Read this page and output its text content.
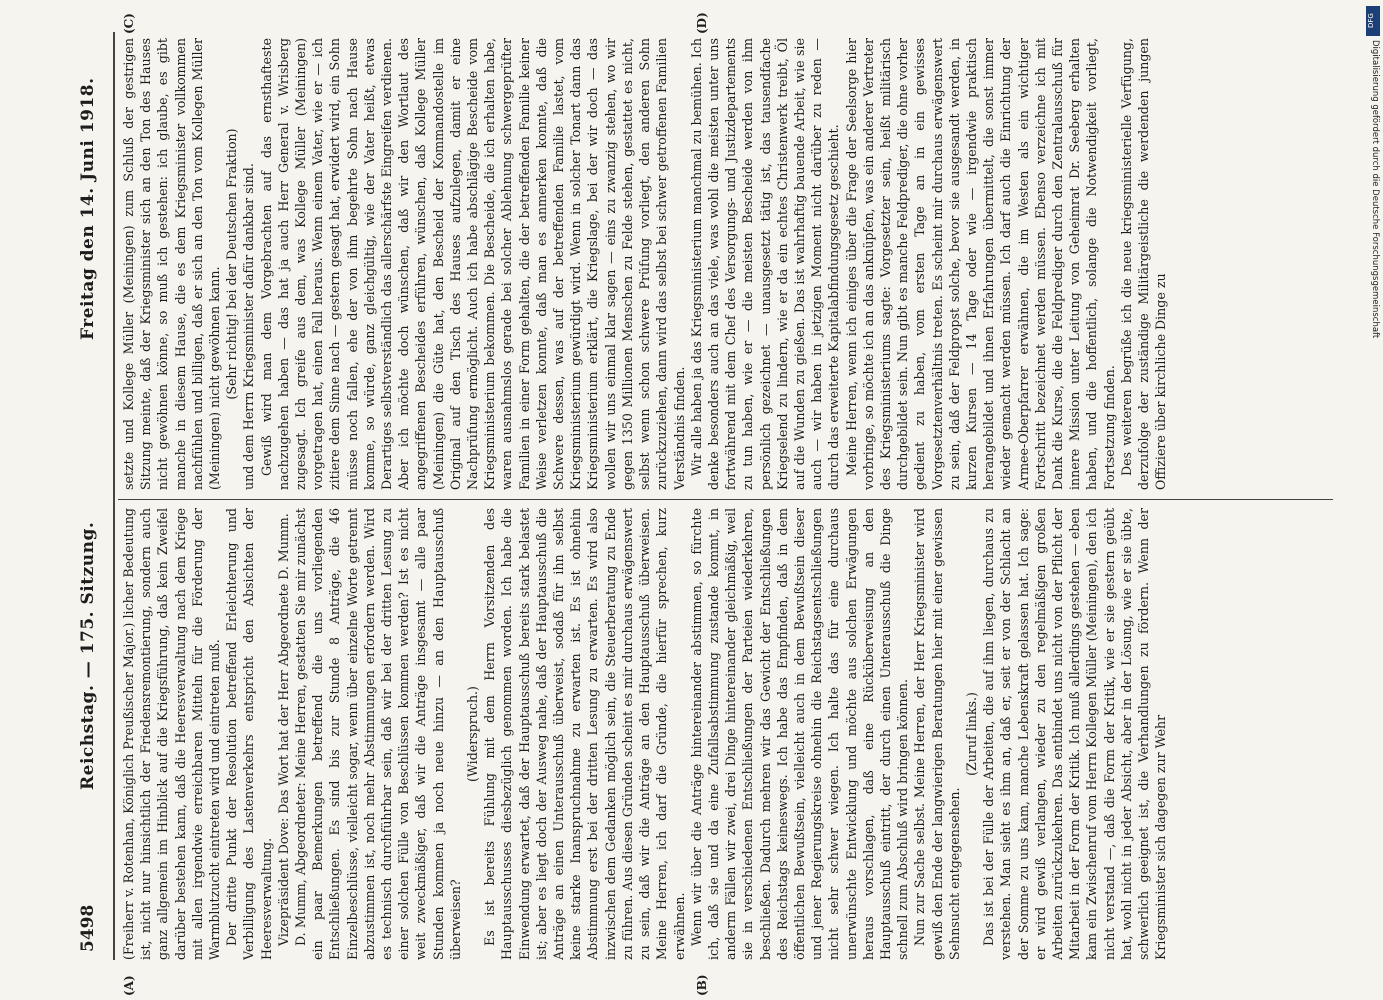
5498
Reichstag. — 175. Sitzung.
Freitag den 14. Juni 1918.
(A)	(B)
(C)	(D)

(Freiherr v. Rotenhan, Königlich Preußischer Major.) licher Bedeutung ist, nicht nur hinsichtlich der Friedensremontierung, sondern auch ganz allgemein im Hinblick auf die Kriegsführung, daß kein Zweifel darüber bestehen kann, daß die Heeresverwaltung nach dem Kriege mit allen irgendwie erreichbaren Mitteln für die Förderung der Warmblutzucht eintreten wird und eintreten muß. Der dritte Punkt der Resolution betreffend Erleichterung und Verbilligung des Lastenverkehrs entspricht den Absichten der Heeresverwaltung. Vizepräsident Dove: Das Wort hat der Herr Abgeordnete D. Mumm. D. Mumm, Abgeordneter: Meine Herren, gestatten Sie mir zunächst ein paar Bemerkungen betreffend die uns vorliegenden Entschließungen. Es sind bis zur Stunde 8 Anträge, die 46 Einzelbeschlüsse, vielleicht sogar, wenn über einzelne Worte getrennt abzustimmen ist, noch mehr Abstimmungen erfordern werden. Wird es technisch durchführbar sein, daß wir bei der dritten Lesung zu einer solchen Fülle von Beschlüssen kommen werden? Ist es nicht weit zweckmäßiger, daß wir die Anträge insgesamt — alle paar Stunden kommen ja noch neue hinzu — an den Hauptausschuß überweisen?

(Widerspruch.) Es ist bereits Fühlung mit dem Herrn Vorsitzenden des Hauptausschusses diesbezüglich genommen worden. Ich habe die Einwendung erwartet, daß der Hauptausschuß bereits stark belastet ist; aber es liegt doch der Ausweg nahe, daß der Hauptausschuß die Anträge an einen Unterausschuß überweist, sodaß für ihn selbst keine starke Inanspruchnahme zu erwarten ist. Es ist ohnehin Abstimmung erst bei der dritten Lesung zu erwarten. Es wird also inzwischen dem Gedanken möglich sein, die Steuerberatung zu Ende zu führen. Aus diesen Gründen scheint es mir durchaus erwägenswert zu sein, daß wir die Anträge an den Hauptausschuß überweisen. Meine Herren, ich darf die Gründe, die hierfür sprechen, kurz erwähnen. Wenn wir über die Anträge hintereinander abstimmen, so fürchte ich, daß sie und da eine Zufallsabstimmung zustande kommt, in anderm Fällen wir zwei, drei Dinge hintereinander gleichmäßig, weil sie in verschiedenen Entschließungen der Parteien wiederkehren, beschließen. Dadurch mehren wir das Gewicht der Entschließungen des Reichstags keineswegs. Ich habe das Empfinden, daß in dem öffentlichen Bewußtsein, vielleicht auch in dem Bewußtsein dieser und jener Regierungskreise ohnehin die Reichstagsentschließungen nicht sehr schwer wiegen. Ich halte das für eine durchaus unerwünschte Entwicklung und möchte aus solchen Erwägungen heraus vorschlagen, daß eine Rücküberweisung an den Hauptausschuß eintritt, der durch einen Unterausschuß die Dinge schnell zum Abschluß wird bringen können. Nun zur Sache selbst. Meine Herren, der Herr Kriegsminister wird gewiß den Ende der langwierigen Beratungen hier mit einer gewissen Sehnsucht entgegensehen.

(Zuruf links.) Das ist bei der Fülle der Arbeiten, die auf ihm liegen, durchaus zu verstehen. Man sieht es ihm an, daß er, seit er von der Schlacht an der Somme zu uns kam, manche Lebenskraft gelassen hat. Ich sage: er wird gewiß verlangen, wieder zu den regelmäßigen großen Arbeiten zurückzukehren. Das entbindet uns nicht von der Pflicht der Mitarbeit in der Form der Kritik. Ich muß allerdings gestehen — eben kam ein Zwischenruf vom Herrn Kollegen Müller (Meiningen), den ich nicht verstand —, daß die Form der Kritik, wie er sie gestern geübt hat, wohl nicht in jeder Absicht, aber in der Lösung, wie er sie übte, schwerlich geeignet ist, die Verhandlungen zu fördern. Wenn der Kriegsminister sich dagegen zur Wehr

setzte und Kollege Müller (Meiningen) zum Schluß der gestrigen Sitzung meinte, daß der Kriegsminister sich an den Ton des Hauses nicht gewöhnen könne, so muß ich gestehen: ich glaube, es gibt manche in diesem Hause, die es dem Kriegsminister vollkommen nachfühlen und billigen, daß er sich an den Ton vom Kollegen Müller (Meiningen) nicht gewöhnen kann. (Sehr richtig! bei der Deutschen Fraktion) und dem Herrn Kriegsminister dafür dankbar sind. Gewiß wird man dem Vorgebrachten auf das ernsthafteste nachzugehen haben — das hat ja auch Herr General v. Wrisberg zugesagt. Ich greife aus dem, was Kollege Müller (Meiningen) vorgetragen hat, einen Fall heraus. Wenn einem Vater, wie er — ich zitiere dem Sinne nach — gestern gesagt hat, erwidert wird, ein Sohn müsse noch fallen, ehe der von ihm begehrte Sohn nach Hause komme, so würde, ganz gleichgültig, wie der Vater heißt, etwas Derartiges selbstverständlich das allerschärfste Eingreifen verdienen. Aber ich möchte doch wünschen, daß wir den Wortlaut des angegriffenen Bescheides erführen, wünschen, daß Kollege Müller (Meiningen) die Güte hat, den Bescheid der Kommandostelle im Original auf den Tisch des Hauses aufzulegen, damit er eine Nachprüfung ermöglicht. Auch ich habe abschlägige Bescheide vom Kriegsministerium bekommen. Die Bescheide, die ich erhalten habe, waren ausnahmslos gerade bei solcher Ablehnung schwergeprüfter Familien in einer Form gehalten, die der betreffenden Familie keiner Weise verletzen konnte, daß man es anmerken konnte, daß die Schwere dessen, was auf der betreffenden Familie lastet, vom Kriegsministerium gewürdigt wird. Wenn in solcher Tonart dann das Kriegsministerium erklärt, die Kriegslage, bei der wir doch — das wollen wir uns einmal klar sagen — eins zu zwanzig stehen, wo wir gegen 1350 Millionen Menschen zu Felde stehen, gestattet es nicht, selbst wenn schon schwere Prüfung vorliegt, den anderen Sohn zurückzuziehen, dann wird das selbst bei schwer getroffenen Familien Verständnis finden. Wir alle haben ja das Kriegsministerium manchmal zu bemühen. Ich denke besonders auch an das viele, was wohl die meisten unter uns fortwährend mit dem Chef des Versorgungs- und Justizdepartements zu tun haben, wie er — die meisten Bescheide werden von ihm persönlich gezeichnet — unausgesetzt tätig ist, das tausendfache Kriegselend zu lindern, wie er da ein echtes Christenwerk treibt, Öl auf die Wunden zu gießen. Das ist wahrhaftig bauende Arbeit, wie sie auch — wir haben in jetzigen Moment nicht darüber zu reden — durch das erweiterte Kapitalabfindungsgesetz geschieht. Meine Herren, wenn ich einiges über die Frage der Seelsorge hier vorbringe, so möchte ich an das anknüpfen, was ein anderer Vertreter des Kriegsministeriums sagte: Vorgesetzter sein, heißt militärisch durchgebildet sein. Nun gibt es manche Feldprediger, die ohne vorher gedient zu haben, vom ersten Tage an in ein gewisses Vorgesetztenverhältnis treten. Es scheint mir durchaus erwägenswert zu sein, daß der Feldpropst solche, bevor sie ausgesandt werden, in kurzen Kursen — 14 Tage oder wie — irgendwie praktisch herangebildet und ihnen Erfahrungen übermittelt, die sonst immer wieder gemacht werden müssen. Ich darf auch die Einrichtung der Armee-Oberpfarrer erwähnen, die im Westen als ein wichtiger Fortschritt bezeichnet werden müssen. Ebenso verzeichne ich mit Dank die Kurse, die die Feldprediger durch den Zentralausschuß für innere Mission unter Leitung von Geheimrat Dr. Seeberg erhalten haben, und die hoffentlich, solange die Notwendigkeit vorliegt, Fortsetzung finden. Des weiteren begrüße ich die neue kriegsministerielle Verfügung, derzufolge der zuständige Militärgeistliche die werdenden jungen Offiziere über kirchliche Dinge zu

DFG
Digitalisierung gefördert durch die Deutsche Forschungsgemeinschaft
